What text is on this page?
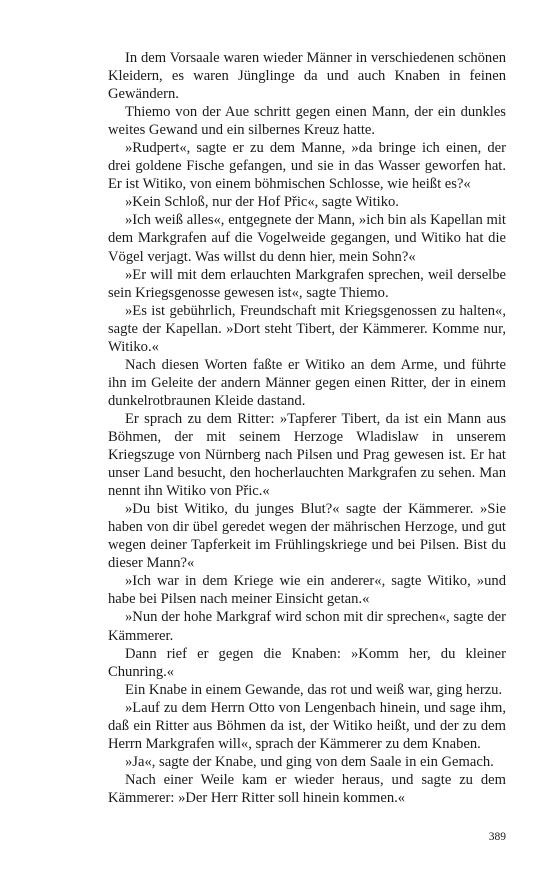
In dem Vorsaale waren wieder Männer in verschiedenen schönen Kleidern, es waren Jünglinge da und auch Knaben in feinen Gewändern.

Thiemo von der Aue schritt gegen einen Mann, der ein dunkles weites Gewand und ein silbernes Kreuz hatte.

»Rudpert«, sagte er zu dem Manne, »da bringe ich einen, der drei goldene Fische gefangen, und sie in das Wasser geworfen hat. Er ist Witiko, von einem böhmischen Schlosse, wie heißt es?«

»Kein Schloß, nur der Hof Přic«, sagte Witiko.

»Ich weiß alles«, entgegnete der Mann, »ich bin als Kapellan mit dem Markgrafen auf die Vogelweide gegangen, und Witiko hat die Vögel verjagt. Was willst du denn hier, mein Sohn?«

»Er will mit dem erlauchten Markgrafen sprechen, weil derselbe sein Kriegsgenosse gewesen ist«, sagte Thiemo.

»Es ist gebührlich, Freundschaft mit Kriegsgenossen zu halten«, sagte der Kapellan. »Dort steht Tibert, der Kämmerer. Komme nur, Witiko.«

Nach diesen Worten faßte er Witiko an dem Arme, und führte ihn im Geleite der andern Männer gegen einen Ritter, der in einem dunkelrotbraunen Kleide dastand.

Er sprach zu dem Ritter: »Tapferer Tibert, da ist ein Mann aus Böhmen, der mit seinem Herzoge Wladislaw in unserem Kriegszuge von Nürnberg nach Pilsen und Prag gewesen ist. Er hat unser Land besucht, den hocherlauchten Markgrafen zu sehen. Man nennt ihn Witiko von Přic.«

»Du bist Witiko, du junges Blut?« sagte der Kämmerer. »Sie haben von dir übel geredet wegen der mährischen Herzoge, und gut wegen deiner Tapferkeit im Frühlingskriege und bei Pilsen. Bist du dieser Mann?«

»Ich war in dem Kriege wie ein anderer«, sagte Witiko, »und habe bei Pilsen nach meiner Einsicht getan.«

»Nun der hohe Markgraf wird schon mit dir sprechen«, sagte der Kämmerer.

Dann rief er gegen die Knaben: »Komm her, du kleiner Chunring.«

Ein Knabe in einem Gewande, das rot und weiß war, ging herzu.

»Lauf zu dem Herrn Otto von Lengenbach hinein, und sage ihm, daß ein Ritter aus Böhmen da ist, der Witiko heißt, und der zu dem Herrn Markgrafen will«, sprach der Kämmerer zu dem Knaben.

»Ja«, sagte der Knabe, und ging von dem Saale in ein Gemach.

Nach einer Weile kam er wieder heraus, und sagte zu dem Kämmerer: »Der Herr Ritter soll hinein kommen.«

389
